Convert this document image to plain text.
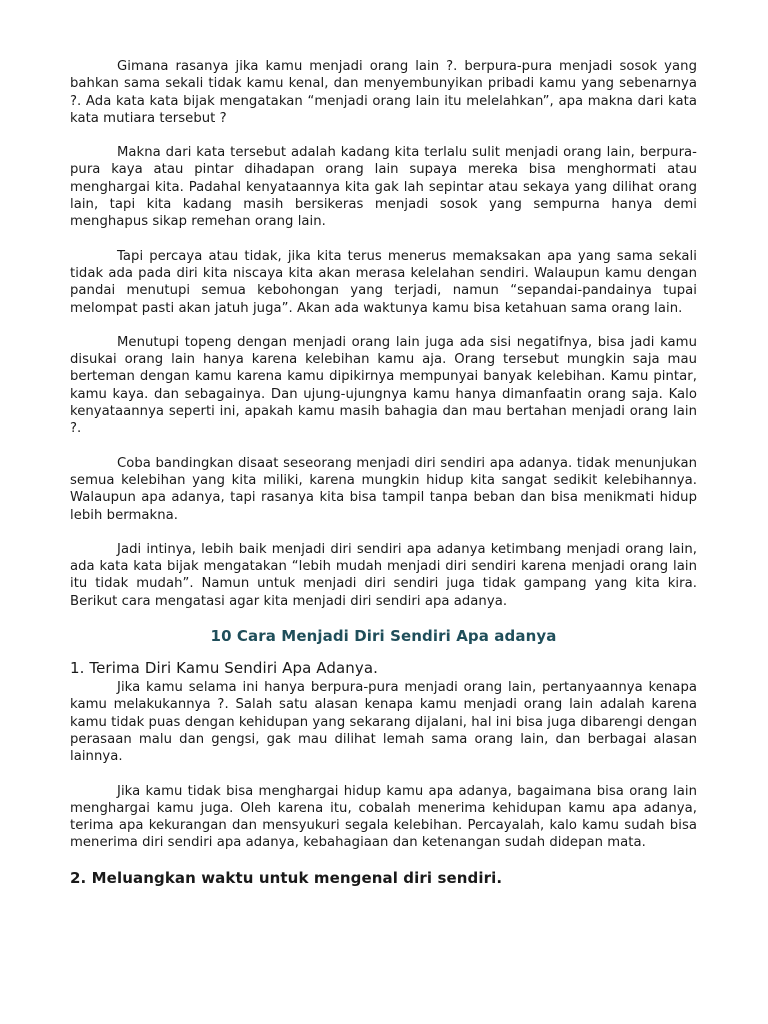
Gimana rasanya jika kamu menjadi orang lain ?. berpura-pura menjadi sosok yang bahkan sama sekali tidak kamu kenal, dan menyembunyikan pribadi kamu yang sebenarnya ?. Ada kata kata bijak mengatakan “menjadi orang lain itu melelahkan”, apa makna dari kata kata mutiara tersebut ?

Makna dari kata tersebut adalah kadang kita terlalu sulit menjadi orang lain, berpura-pura kaya atau pintar dihadapan orang lain supaya mereka bisa menghormati atau menghargai kita. Padahal kenyataannya kita gak lah sepintar atau sekaya yang dilihat orang lain, tapi kita kadang masih bersikeras menjadi sosok yang sempurna hanya demi menghapus sikap remehan orang lain.

Tapi percaya atau tidak, jika kita terus menerus memaksakan apa yang sama sekali tidak ada pada diri kita niscaya kita akan merasa kelelahan sendiri. Walaupun kamu dengan pandai menutupi semua kebohongan yang terjadi, namun “sepandai-pandainya tupai melompat pasti akan jatuh juga”. Akan ada waktunya kamu bisa ketahuan sama orang lain.

Menutupi topeng dengan menjadi orang lain juga ada sisi negatifnya, bisa jadi kamu disukai orang lain hanya karena kelebihan kamu aja. Orang tersebut mungkin saja mau berteman dengan kamu karena kamu dipikirnya mempunyai banyak kelebihan. Kamu pintar, kamu kaya. dan sebagainya. Dan ujung-ujungnya kamu hanya dimanfaatin orang saja. Kalo kenyataannya seperti ini, apakah kamu masih bahagia dan mau bertahan menjadi orang lain ?.

Coba bandingkan disaat seseorang menjadi diri sendiri apa adanya. tidak menunjukan semua kelebihan yang kita miliki, karena mungkin hidup kita sangat sedikit kelebihannya. Walaupun apa adanya, tapi rasanya kita bisa tampil tanpa beban dan bisa menikmati hidup lebih bermakna.

Jadi intinya, lebih baik menjadi diri sendiri apa adanya ketimbang menjadi orang lain, ada kata kata bijak mengatakan “lebih mudah menjadi diri sendiri karena menjadi orang lain itu tidak mudah”. Namun untuk menjadi diri sendiri juga tidak gampang yang kita kira. Berikut cara mengatasi agar kita menjadi diri sendiri apa adanya.

10 Cara Menjadi Diri Sendiri Apa adanya
1. Terima Diri Kamu Sendiri Apa Adanya.

Jika kamu selama ini hanya berpura-pura menjadi orang lain, pertanyaannya kenapa kamu melakukannya ?. Salah satu alasan kenapa kamu menjadi orang lain adalah karena kamu tidak puas dengan kehidupan yang sekarang dijalani, hal ini bisa juga dibarengi dengan perasaan malu dan gengsi, gak mau dilihat lemah sama orang lain, dan berbagai alasan lainnya.

Jika kamu tidak bisa menghargai hidup kamu apa adanya, bagaimana bisa orang lain menghargai kamu juga. Oleh karena itu, cobalah menerima kehidupan kamu apa adanya, terima apa kekurangan dan mensyukuri segala kelebihan. Percayalah, kalo kamu sudah bisa menerima diri sendiri apa adanya, kebahagiaan dan ketenangan sudah didepan mata.

2. Meluangkan waktu untuk mengenal diri sendiri.
